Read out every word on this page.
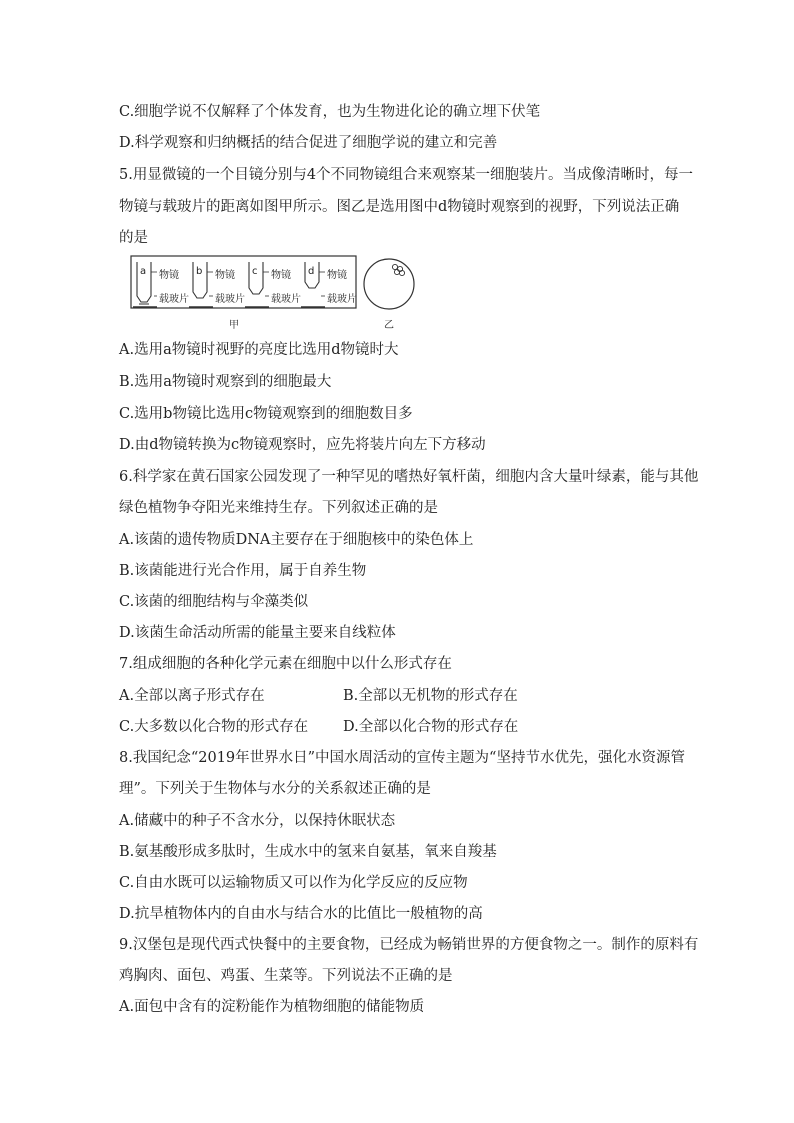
C.细胞学说不仅解释了个体发育，也为生物进化论的确立埋下伏笔
D.科学观察和归纳概括的结合促进了细胞学说的建立和完善
5.用显微镜的一个目镜分别与4个不同物镜组合来观察某一细胞装片。当成像清晰时，每一
物镜与载玻片的距离如图甲所示。图乙是选用图中d物镜时观察到的视野，下列说法正确
的是
a 物镜
载玻片
b 物镜
载玻片
c 物镜
载玻片
d 物镜
载玻片
甲	乙
A.选用a物镜时视野的亮度比选用d物镜时大
B.选用a物镜时观察到的细胞最大
C.选用b物镜比选用c物镜观察到的细胞数目多
D.由d物镜转换为c物镜观察时，应先将装片向左下方移动
6.科学家在黄石国家公园发现了一种罕见的嗜热好氧杆菌，细胞内含大量叶绿素，能与其他
绿色植物争夺阳光来维持生存。下列叙述正确的是
A.该菌的遗传物质DNA主要存在于细胞核中的染色体上
B.该菌能进行光合作用，属于自养生物
C.该菌的细胞结构与伞藻类似
D.该菌生命活动所需的能量主要来自线粒体
7.组成细胞的各种化学元素在细胞中以什么形式存在
A.全部以离子形式存在	B.全部以无机物的形式存在
C.大多数以化合物的形式存在 D.全部以化合物的形式存在
8.我国纪念“2019年世界水日”中国水周活动的宣传主题为“坚持节水优先，强化水资源管
理”。下列关于生物体与水分的关系叙述正确的是
A.储藏中的种子不含水分，以保持休眠状态
B.氨基酸形成多肽时，生成水中的氢来自氨基，氧来自羧基
C.自由水既可以运输物质又可以作为化学反应的反应物
D.抗旱植物体内的自由水与结合水的比值比一般植物的高
9.汉堡包是现代西式快餐中的主要食物，已经成为畅销世界的方便食物之一。制作的原料有
鸡胸肉、面包、鸡蛋、生菜等。下列说法不正确的是
A.面包中含有的淀粉能作为植物细胞的储能物质
